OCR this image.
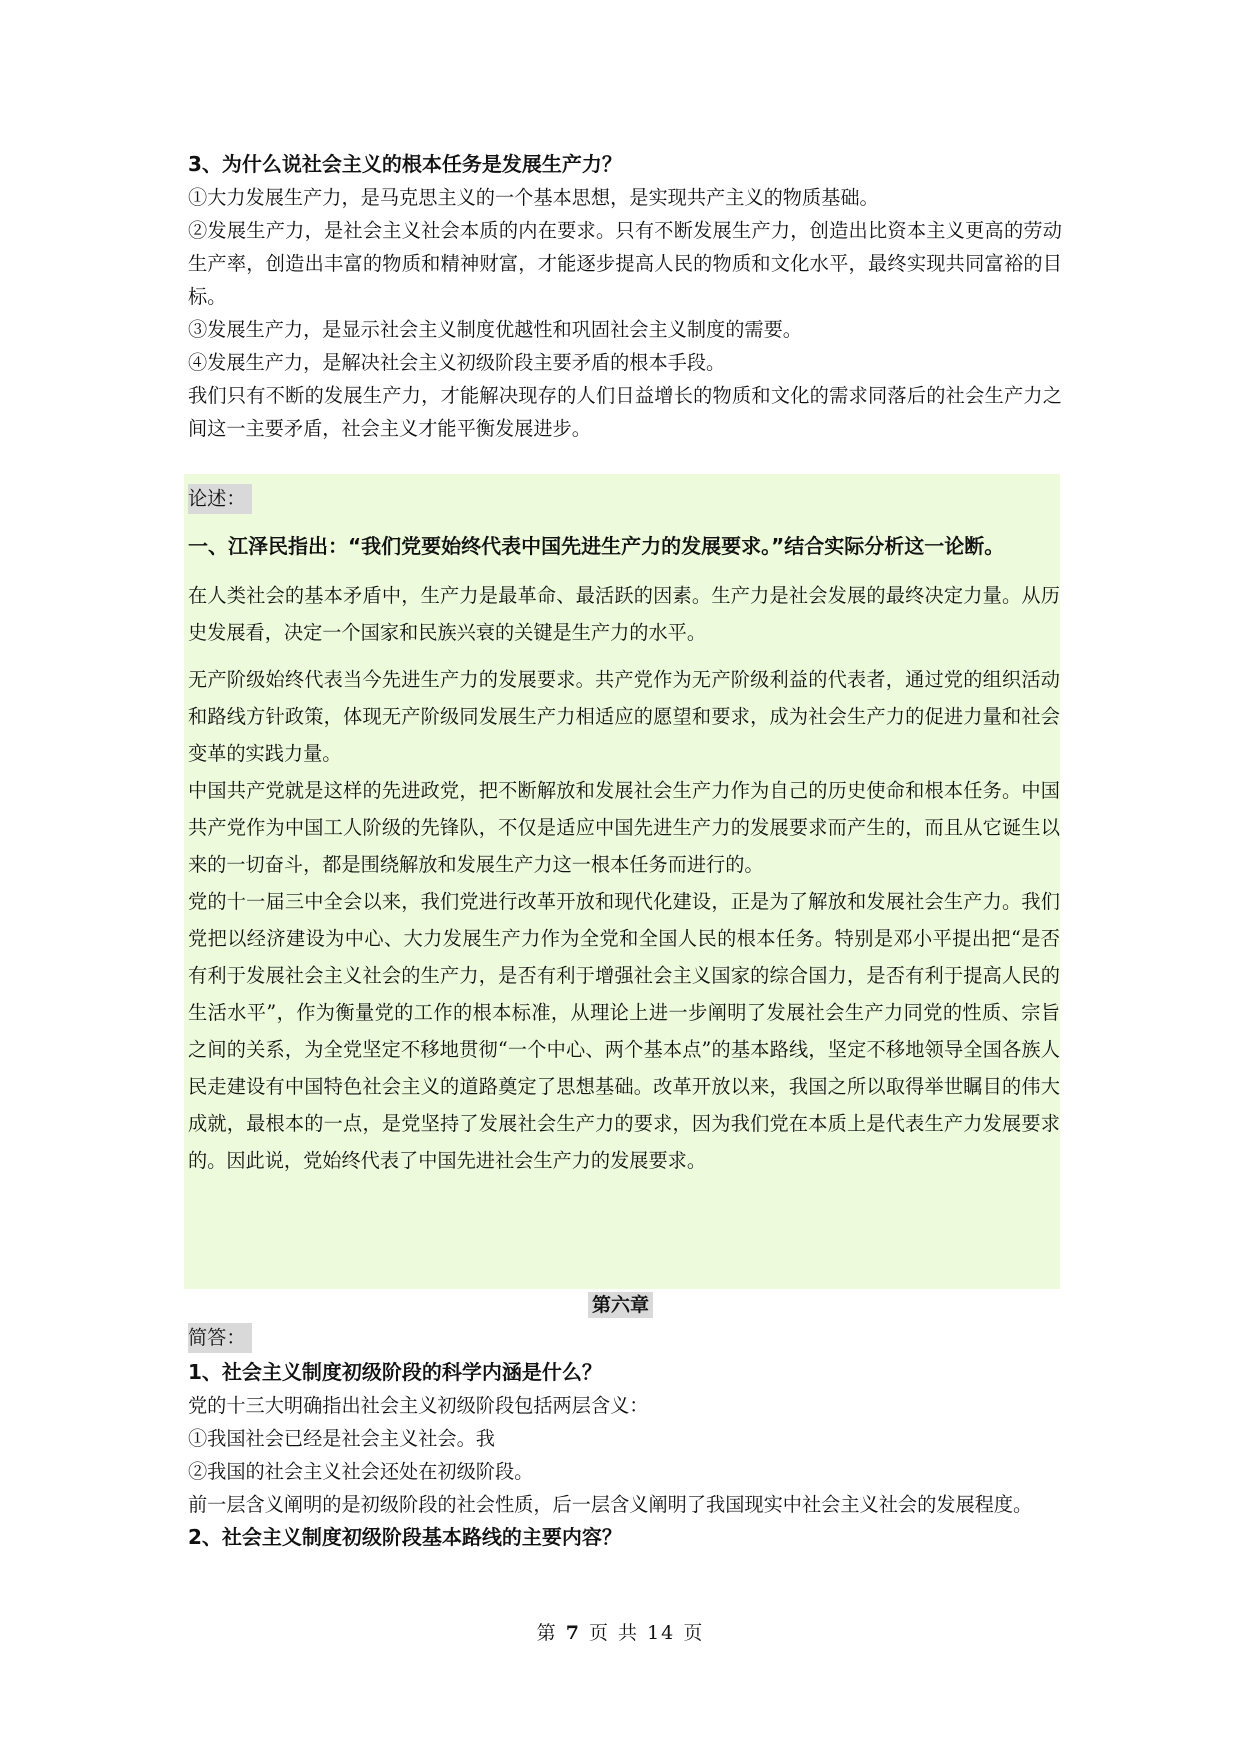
3、为什么说社会主义的根本任务是发展生产力？

①大力发展生产力，是马克思主义的一个基本思想，是实现共产主义的物质基础。

②发展生产力，是社会主义社会本质的内在要求。只有不断发展生产力，创造出比资本主义更高的劳动生产率，创造出丰富的物质和精神财富，才能逐步提高人民的物质和文化水平，最终实现共同富裕的目标。

③发展生产力，是显示社会主义制度优越性和巩固社会主义制度的需要。

④发展生产力，是解决社会主义初级阶段主要矛盾的根本手段。

我们只有不断的发展生产力，才能解决现存的人们日益增长的物质和文化的需求同落后的社会生产力之间这一主要矛盾，社会主义才能平衡发展进步。

论述：

一、江泽民指出：“我们党要始终代表中国先进生产力的发展要求。”结合实际分析这一论断。

在人类社会的基本矛盾中，生产力是最革命、最活跃的因素。生产力是社会发展的最终决定力量。从历史发展看，决定一个国家和民族兴衰的关键是生产力的水平。

无产阶级始终代表当今先进生产力的发展要求。共产党作为无产阶级利益的代表者，通过党的组织活动和路线方针政策，体现无产阶级同发展生产力相适应的愿望和要求，成为社会生产力的促进力量和社会变革的实践力量。

中国共产党就是这样的先进政党，把不断解放和发展社会生产力作为自己的历史使命和根本任务。中国共产党作为中国工人阶级的先锋队，不仅是适应中国先进生产力的发展要求而产生的，而且从它诞生以来的一切奋斗，都是围绕解放和发展生产力这一根本任务而进行的。

党的十一届三中全会以来，我们党进行改革开放和现代化建设，正是为了解放和发展社会生产力。我们党把以经济建设为中心、大力发展生产力作为全党和全国人民的根本任务。特别是邓小平提出把“是否有利于发展社会主义社会的生产力，是否有利于增强社会主义国家的综合国力，是否有利于提高人民的生活水平”，作为衡量党的工作的根本标准，从理论上进一步阐明了发展社会生产力同党的性质、宗旨之间的关系，为全党坚定不移地贯彻“一个中心、两个基本点”的基本路线，坚定不移地领导全国各族人民走建设有中国特色社会主义的道路奠定了思想基础。改革开放以来，我国之所以取得举世瞩目的伟大成就，最根本的一点，是党坚持了发展社会生产力的要求，因为我们党在本质上是代表生产力发展要求的。因此说，党始终代表了中国先进社会生产力的发展要求。

第六章
简答：

1、社会主义制度初级阶段的科学内涵是什么？

党的十三大明确指出社会主义初级阶段包括两层含义：

①我国社会已经是社会主义社会。我

②我国的社会主义社会还处在初级阶段。

前一层含义阐明的是初级阶段的社会性质，后一层含义阐明了我国现实中社会主义社会的发展程度。

2、社会主义制度初级阶段基本路线的主要内容？

第 7 页 共 14 页
